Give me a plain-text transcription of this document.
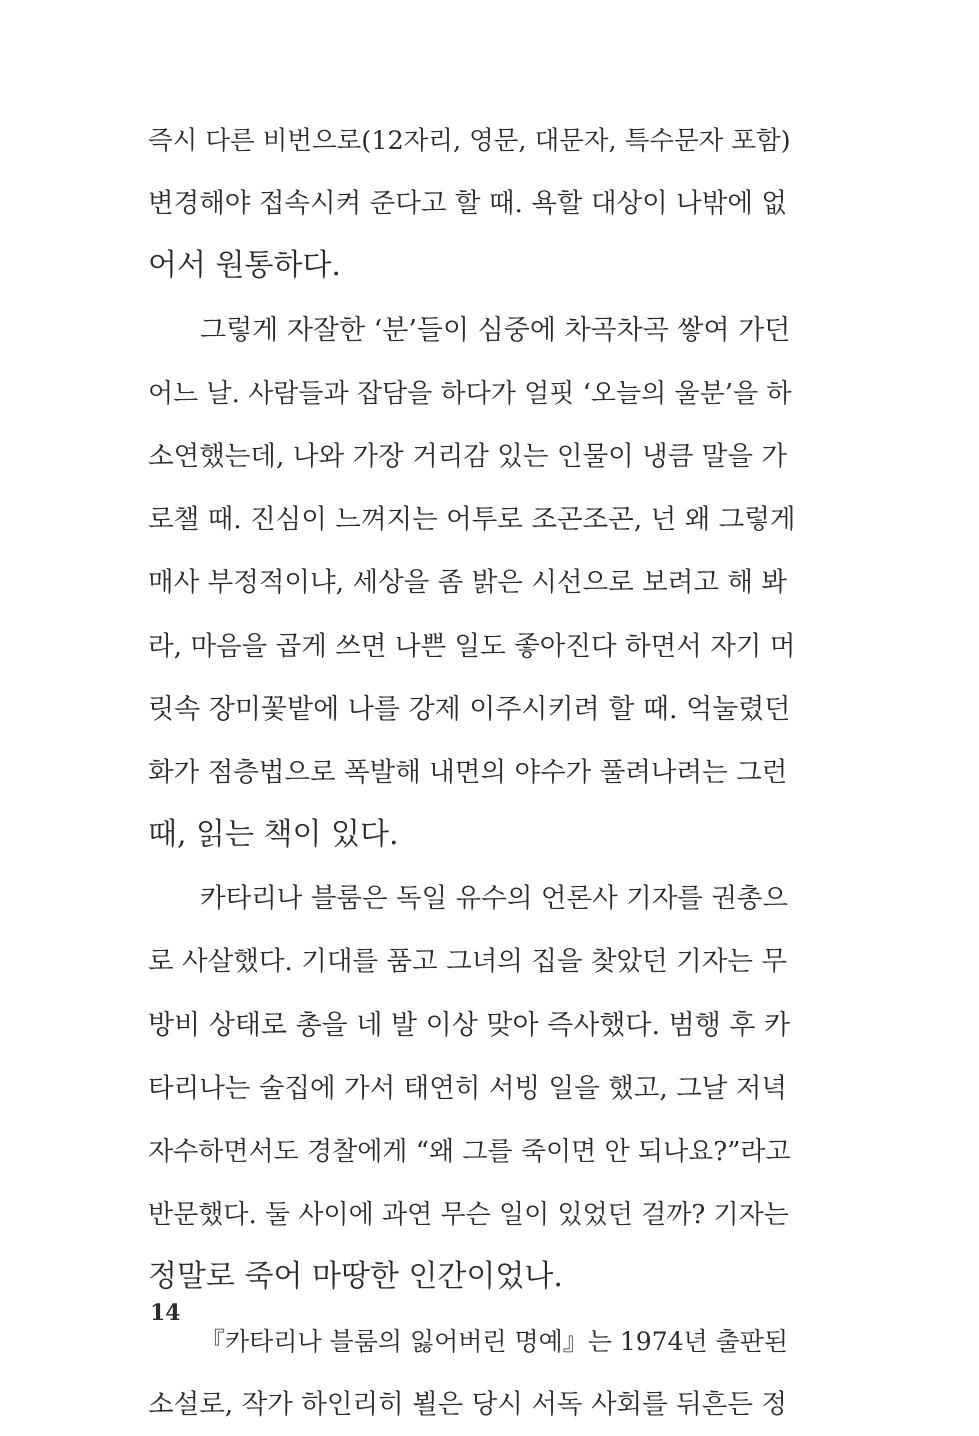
즉시 다른 비번으로(12자리, 영문, 대문자, 특수문자 포함)
변경해야 접속시켜 준다고 할 때. 욕할 대상이 나밖에 없
어서 원통하다.
그렇게 자잘한 ‘분’들이 심중에 차곡차곡 쌓여 가던
어느 날. 사람들과 잡담을 하다가 얼핏 ‘오늘의 울분’을 하
소연했는데, 나와 가장 거리감 있는 인물이 냉큼 말을 가
로챌 때. 진심이 느껴지는 어투로 조곤조곤, 넌 왜 그렇게
매사 부정적이냐, 세상을 좀 밝은 시선으로 보려고 해 봐
라, 마음을 곱게 쓰면 나쁜 일도 좋아진다 하면서 자기 머
릿속 장미꽃밭에 나를 강제 이주시키려 할 때. 억눌렸던
화가 점층법으로 폭발해 내면의 야수가 풀려나려는 그런
때, 읽는 책이 있다.
카타리나 블룸은 독일 유수의 언론사 기자를 권총으
로 사살했다. 기대를 품고 그녀의 집을 찾았던 기자는 무
방비 상태로 총을 네 발 이상 맞아 즉사했다. 범행 후 카
타리나는 술집에 가서 태연히 서빙 일을 했고, 그날 저녁
자수하면서도 경찰에게 “왜 그를 죽이면 안 되나요?”라고
반문했다. 둘 사이에 과연 무슨 일이 있었던 걸까? 기자는
정말로 죽어 마땅한 인간이었나.
『카타리나 블룸의 잃어버린 명예』는 1974년 출판된
소설로, 작가 하인리히 뵐은 당시 서독 사회를 뒤흔든 정
14
